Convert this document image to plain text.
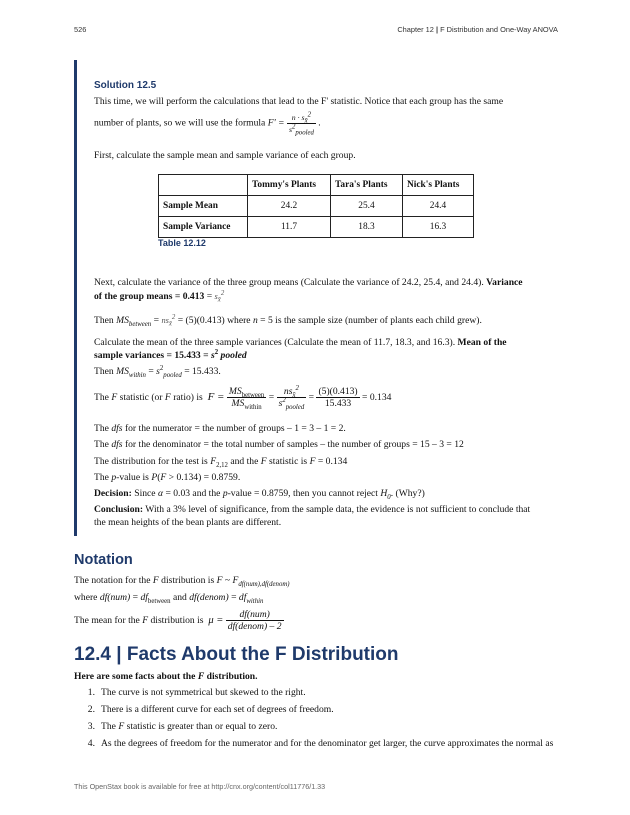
526	Chapter 12 | F Distribution and One-Way ANOVA
Solution 12.5
This time, we will perform the calculations that lead to the F' statistic. Notice that each group has the same
number of plants, so we will use the formula $F' = \frac{n \cdot s_{x̄}^2}{s^2_{pooled}}$ .
First, calculate the sample mean and sample variance of each group.
	Tommy's Plants	Tara's Plants	Nick's Plants
Sample Mean	24.2	25.4	24.4
Sample Variance	11.7	18.3	16.3
Table 12.12
Next, calculate the variance of the three group means (Calculate the variance of 24.2, 25.4, and 24.4). Variance
of the group means = $0.413 = s_{x̄}^2$
Then $MS_{between} = ns_{x̄}^2 = (5)(0.413)$ where n = 5 is the sample size (number of plants each child grew).
Calculate the mean of the three sample variances (Calculate the mean of 11.7, 18.3, and 16.3). Mean of the
sample variances = $15.433 = s^2$ pooled
Then $MS_{within} = s^2_{pooled} = 15.433$.
The F statistic (or F ratio) is $F = \frac{MS_{between}}{MS_{within}} = \frac{ns_{x̄}^2}{s^2_{pooled}} = \frac{(5)(0.413)}{15.433} = 0.134$
The dfs for the numerator = the number of groups – 1 = 3 – 1 = 2.
The dfs for the denominator = the total number of samples – the number of groups = 15 – 3 = 12
The distribution for the test is $F_{2,12}$ and the F statistic is F = 0.134
The p-value is P(F > 0.134) = 0.8759.
Decision: Since α = 0.03 and the p-value = 0.8759, then you cannot reject $H_0$. (Why?)
Conclusion: With a 3% level of significance, from the sample data, the evidence is not sufficient to conclude that
the mean heights of the bean plants are different.
Notation
The notation for the F distribution is F ~ $F_{df(num),df(denom)}$
where $df(num) = df_{between}$ and df(denom) = $df_{within}$
The mean for the F distribution is $\mu = \frac{\text{df(num)}}{\text{df(denom) – 2}}$
12.4 | Facts About the F Distribution
Here are some facts about the F distribution.
1. The curve is not symmetrical but skewed to the right.
2. There is a different curve for each set of degrees of freedom.
3. The F statistic is greater than or equal to zero.
4. As the degrees of freedom for the numerator and for the denominator get larger, the curve approximates the normal as
This OpenStax book is available for free at http://cnx.org/content/col11776/1.33
